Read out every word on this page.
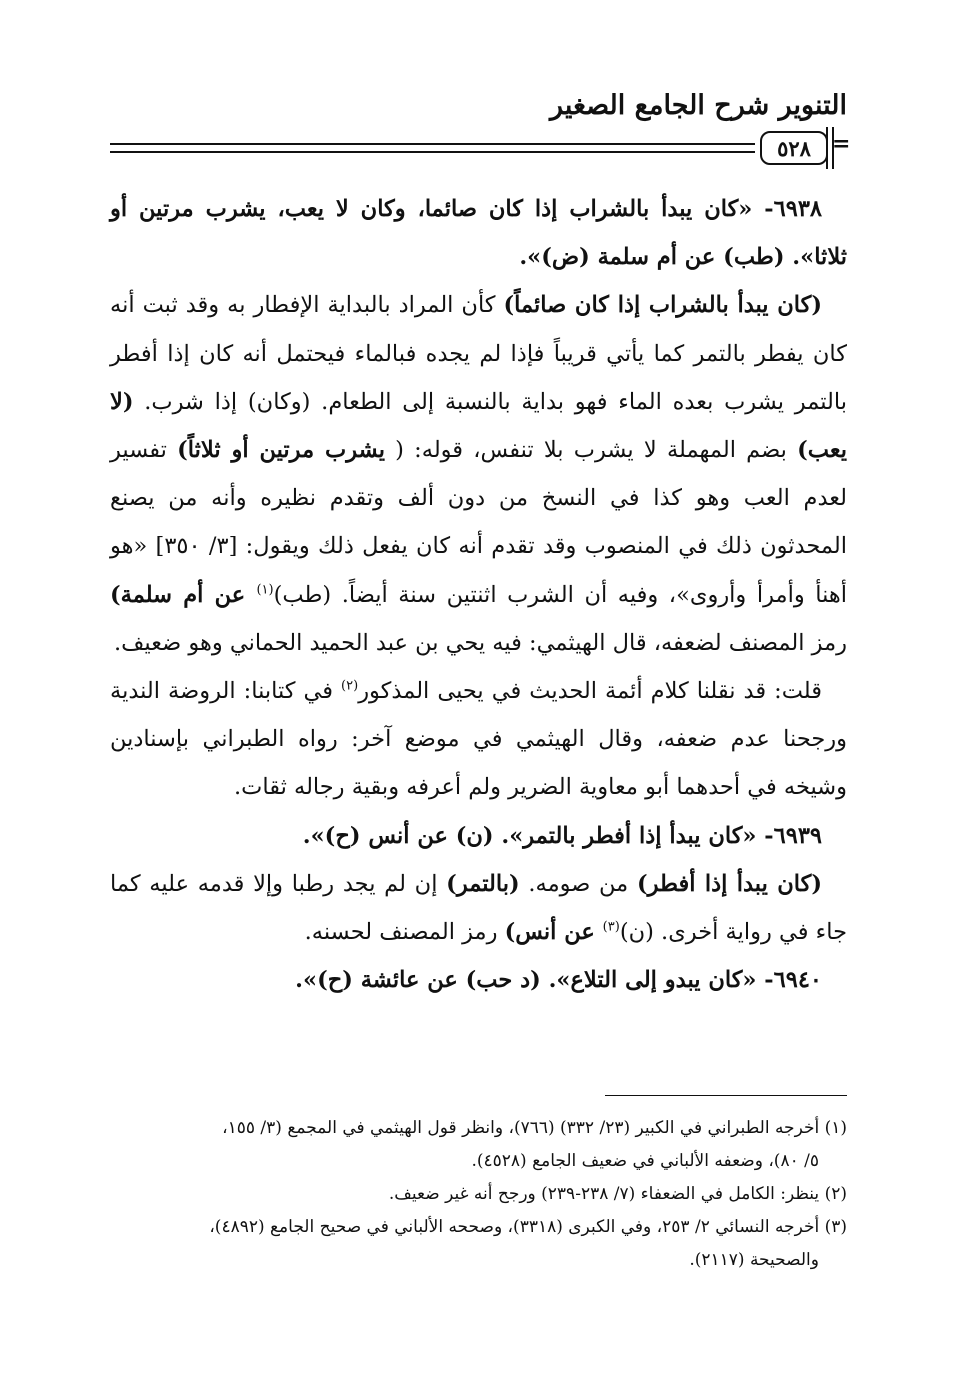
التنوير شرح الجامع الصغير
٥٢٨ =

٦٩٣٨- «كان يبدأ بالشراب إذا كان صائما، وكان لا يعب، يشرب مرتين أو ثلاثا». (طب) عن أم سلمة (ض)».

(كان يبدأ بالشراب إذا كان صائماً) كأن المراد بالبداية الإفطار به وقد ثبت أنه كان يفطر بالتمر كما يأتي قريباً فإذا لم يجده فبالماء فيحتمل أنه كان إذا أفطر بالتمر يشرب بعده الماء فهو بداية بالنسبة إلى الطعام. (وكان) إذا شرب. (لا يعب) بضم المهملة لا يشرب بلا تنفس، قوله: ( يشرب مرتين أو ثلاثاً) تفسير لعدم العب وهو كذا في النسخ من دون ألف وتقدم نظيره وأنه من يصنع المحدثون ذلك في المنصوب وقد تقدم أنه كان يفعل ذلك ويقول: [٣/ ٣٥٠] «هو أهنأ وأمرأ وأروى»، وفيه أن الشرب اثنتين سنة أيضاً. (طب)$^{(١)}$ عن أم سلمة) رمز المصنف لضعفه، قال الهيثمي: فيه يحي بن عبد الحميد الحماني وهو ضعيف.

قلت: قد نقلنا كلام أئمة الحديث في يحيى المذكور$^{(٢)}$ في كتابنا: الروضة الندية ورجحنا عدم ضعفه، وقال الهيثمي في موضع آخر: رواه الطبراني بإسنادين وشيخه في أحدهما أبو معاوية الضرير ولم أعرفه وبقية رجاله ثقات.

٦٩٣٩- «كان يبدأ إذا أفطر بالتمر». (ن) عن أنس (ح)».

(كان يبدأ إذا أفطر) من صومه. (بالتمر) إن لم يجد رطبا وإلا قدمه عليه كما جاء في رواية أخرى. (ن)$^{(٣)}$ عن أنس) رمز المصنف لحسنه.

٦٩٤٠- «كان يبدو إلى التلاع». (د حب) عن عائشة (ح)».

(١) أخرجه الطبراني في الكبير (٢٣/ ٣٣٢) (٧٦٦)، وانظر قول الهيثمي في المجمع (٣/ ١٥٥،

٥/ ٨٠)، وضعفه الألباني في ضعيف الجامع (٤٥٢٨).

(٢) ينظر: الكامل في الضعفاء (٧/ ٢٣٨-٢٣٩) ورجح أنه غير ضعيف.

(٣) أخرجه النسائي ٢/ ٢٥٣، وفي الكبرى (٣٣١٨)، وصححه الألباني في صحيح الجامع (٤٨٩٢)،

والصحيحة (٢١١٧).
